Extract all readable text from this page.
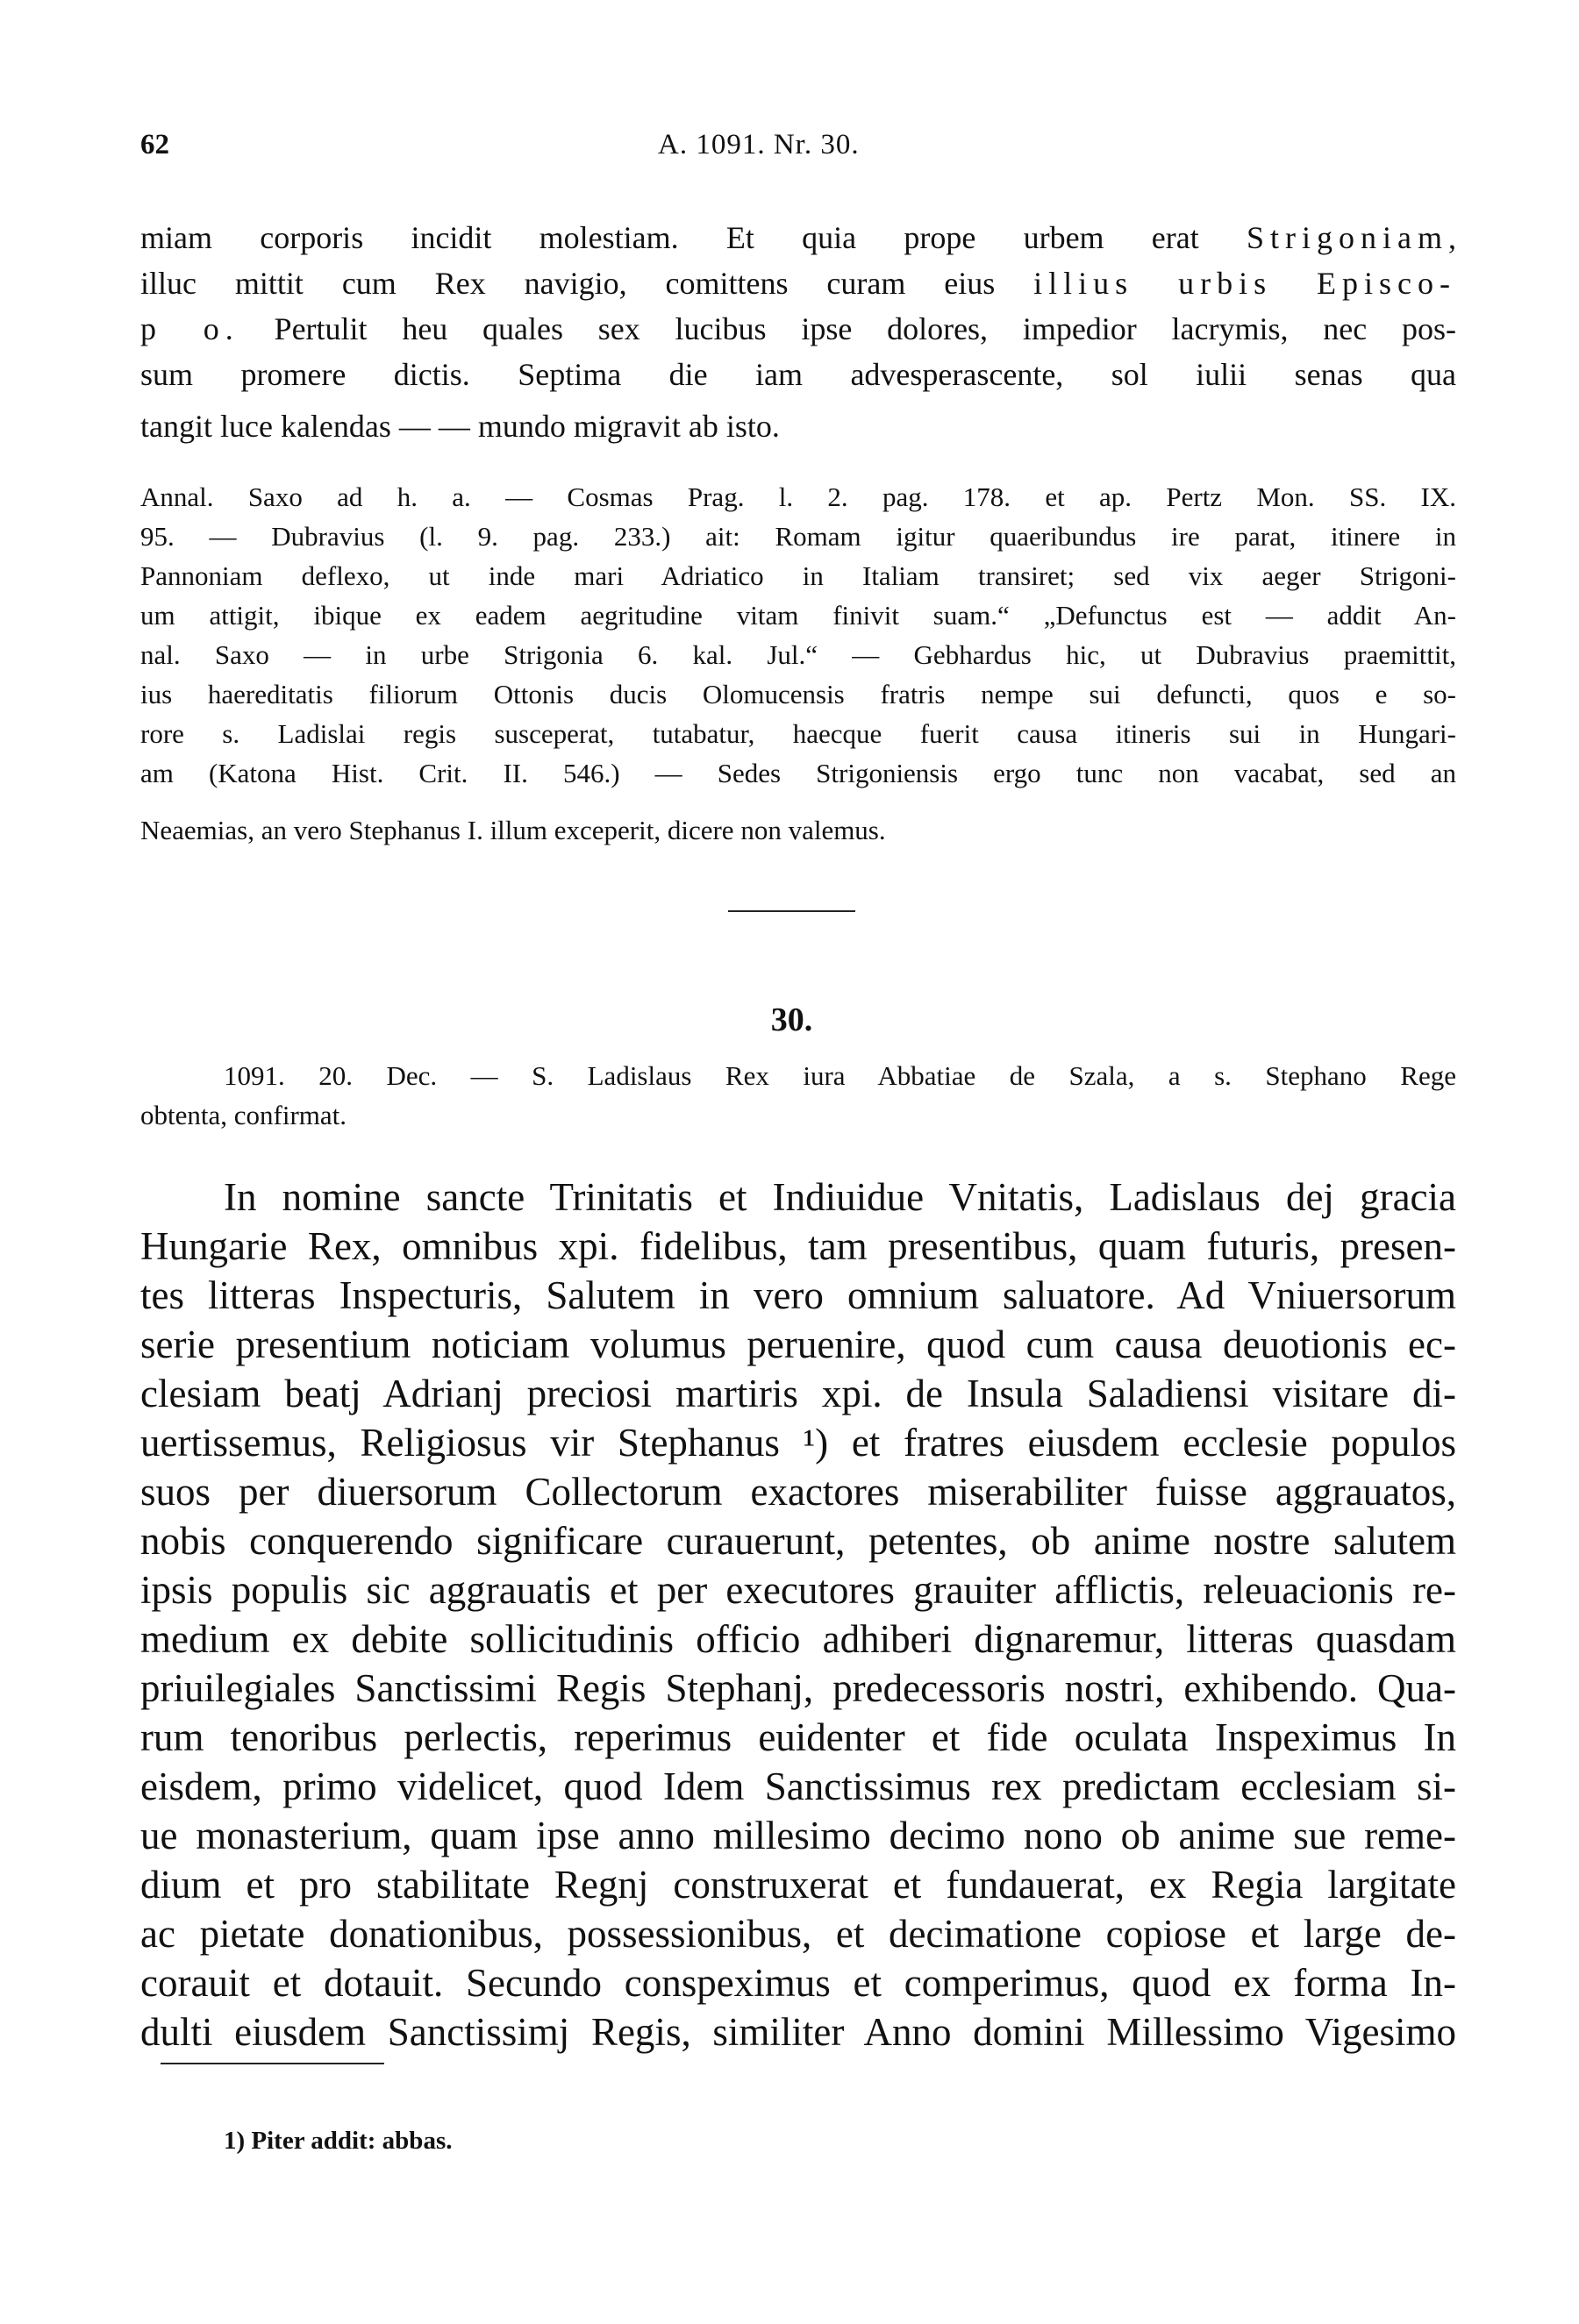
62	A. 1091. Nr. 30.
miam corporis incidit molestiam. Et quia prope urbem erat Strigoniam,
illuc mittit cum Rex navigio, comittens curam eius illius urbis Episco-
p o. Pertulit heu quales sex lucibus ipse dolores, impedior lacrymis, nec pos-
sum promere dictis. Septima die iam advesperascente, sol iulii senas qua
tangit luce kalendas — — mundo migravit ab isto.
Annal. Saxo ad h. a. — Cosmas Prag. l. 2. pag. 178. et ap. Pertz Mon. SS. IX.
95. — Dubravius (l. 9. pag. 233.) ait: Romam igitur quaeribundus ire parat, itinere in
Pannoniam deflexo, ut inde mari Adriatico in Italiam transiret; sed vix aeger Strigoni-
um attigit, ibique ex eadem aegritudine vitam finivit suam.“ „Defunctus est — addit An-
nal. Saxo — in urbe Strigonia 6. kal. Jul.“ — Gebhardus hic, ut Dubravius praemittit,
ius haereditatis filiorum Ottonis ducis Olomucensis fratris nempe sui defuncti, quos e so-
rore s. Ladislai regis susceperat, tutabatur, haecque fuerit causa itineris sui in Hungari-
am (Katona Hist. Crit. II. 546.) — Sedes Strigoniensis ergo tunc non vacabat, sed an
Neaemias, an vero Stephanus I. illum exceperit, dicere non valemus.
30.
1091. 20. Dec. — S. Ladislaus Rex iura Abbatiae de Szala, a s. Stephano Rege
obtenta, confirmat.
In nomine sancte Trinitatis et Indiuidue Vnitatis, Ladislaus dej gracia
Hungarie Rex, omnibus xpi. fidelibus, tam presentibus, quam futuris, presen-
tes litteras Inspecturis, Salutem in vero omnium saluatore. Ad Vniuersorum
serie presentium noticiam volumus peruenire, quod cum causa deuotionis ec-
clesiam beatj Adrianj preciosi martiris xpi. de Insula Saladiensi visitare di-
uertissemus, Religiosus vir Stephanus ¹) et fratres eiusdem ecclesie populos
suos per diuersorum Collectorum exactores miserabiliter fuisse aggrauatos,
nobis conquerendo significare curauerunt, petentes, ob anime nostre salutem
ipsis populis sic aggrauatis et per executores grauiter afflictis, releuacionis re-
medium ex debite sollicitudinis officio adhiberi dignaremur, litteras quasdam
priuilegiales Sanctissimi Regis Stephanj, predecessoris nostri, exhibendo. Qua-
rum tenoribus perlectis, reperimus euidenter et fide oculata Inspeximus In
eisdem, primo videlicet, quod Idem Sanctissimus rex predictam ecclesiam si-
ue monasterium, quam ipse anno millesimo decimo nono ob anime sue reme-
dium et pro stabilitate Regnj construxerat et fundauerat, ex Regia largitate
ac pietate donationibus, possessionibus, et decimatione copiose et large de-
corauit et dotauit. Secundo conspeximus et comperimus, quod ex forma In-
dulti eiusdem Sanctissimj Regis, similiter Anno domini Millessimo Vigesimo
1) Piter addit: abbas.
